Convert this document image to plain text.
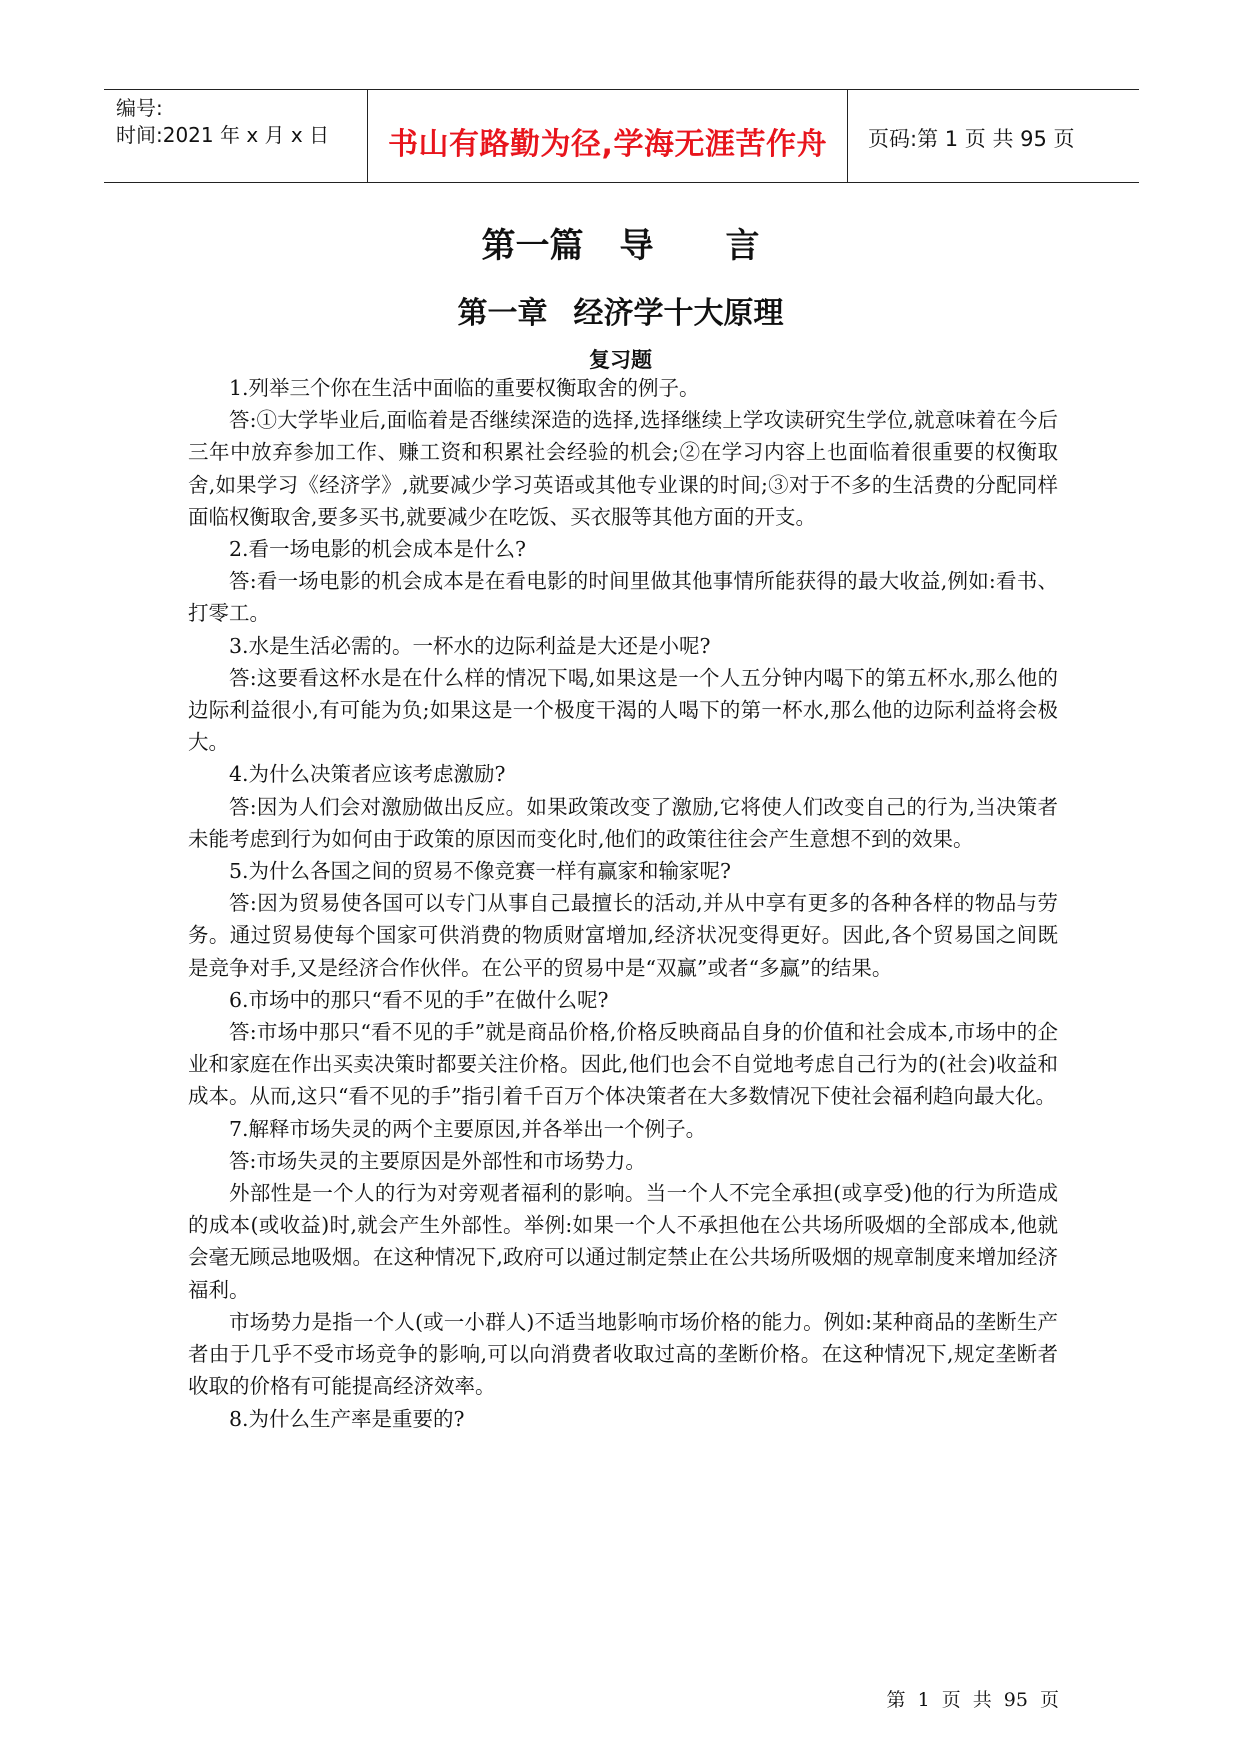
编号:
时间:2021 年 x 月 x 日	书山有路勤为径,学海无涯苦作舟	页码:第 1 页 共 95 页
第一篇 导 言
第一章 经济学十大原理
复习题

1.列举三个你在生活中面临的重要权衡取舍的例子。

答:①大学毕业后,面临着是否继续深造的选择,选择继续上学攻读研究生学位,就意味着在今后三年中放弃参加工作、赚工资和积累社会经验的机会;②在学习内容上也面临着很重要的权衡取舍,如果学习《经济学》,就要减少学习英语或其他专业课的时间;③对于不多的生活费的分配同样面临权衡取舍,要多买书,就要减少在吃饭、买衣服等其他方面的开支。

2.看一场电影的机会成本是什么?

答:看一场电影的机会成本是在看电影的时间里做其他事情所能获得的最大收益,例如:看书、打零工。

3.水是生活必需的。一杯水的边际利益是大还是小呢?

答:这要看这杯水是在什么样的情况下喝,如果这是一个人五分钟内喝下的第五杯水,那么他的边际利益很小,有可能为负;如果这是一个极度干渴的人喝下的第一杯水,那么他的边际利益将会极大。

4.为什么决策者应该考虑激励?

答:因为人们会对激励做出反应。如果政策改变了激励,它将使人们改变自己的行为,当决策者未能考虑到行为如何由于政策的原因而变化时,他们的政策往往会产生意想不到的效果。

5.为什么各国之间的贸易不像竞赛一样有赢家和输家呢?

答:因为贸易使各国可以专门从事自己最擅长的活动,并从中享有更多的各种各样的物品与劳务。通过贸易使每个国家可供消费的物质财富增加,经济状况变得更好。因此,各个贸易国之间既是竞争对手,又是经济合作伙伴。在公平的贸易中是“双赢”或者“多赢”的结果。

6.市场中的那只“看不见的手”在做什么呢?

答:市场中那只“看不见的手”就是商品价格,价格反映商品自身的价值和社会成本,市场中的企业和家庭在作出买卖决策时都要关注价格。因此,他们也会不自觉地考虑自己行为的(社会)收益和成本。从而,这只“看不见的手”指引着千百万个体决策者在大多数情况下使社会福利趋向最大化。

7.解释市场失灵的两个主要原因,并各举出一个例子。

答:市场失灵的主要原因是外部性和市场势力。

外部性是一个人的行为对旁观者福利的影响。当一个人不完全承担(或享受)他的行为所造成的成本(或收益)时,就会产生外部性。举例:如果一个人不承担他在公共场所吸烟的全部成本,他就会毫无顾忌地吸烟。在这种情况下,政府可以通过制定禁止在公共场所吸烟的规章制度来增加经济福利。

市场势力是指一个人(或一小群人)不适当地影响市场价格的能力。例如:某种商品的垄断生产者由于几乎不受市场竞争的影响,可以向消费者收取过高的垄断价格。在这种情况下,规定垄断者收取的价格有可能提高经济效率。

8.为什么生产率是重要的?

第 1 页 共 95 页
